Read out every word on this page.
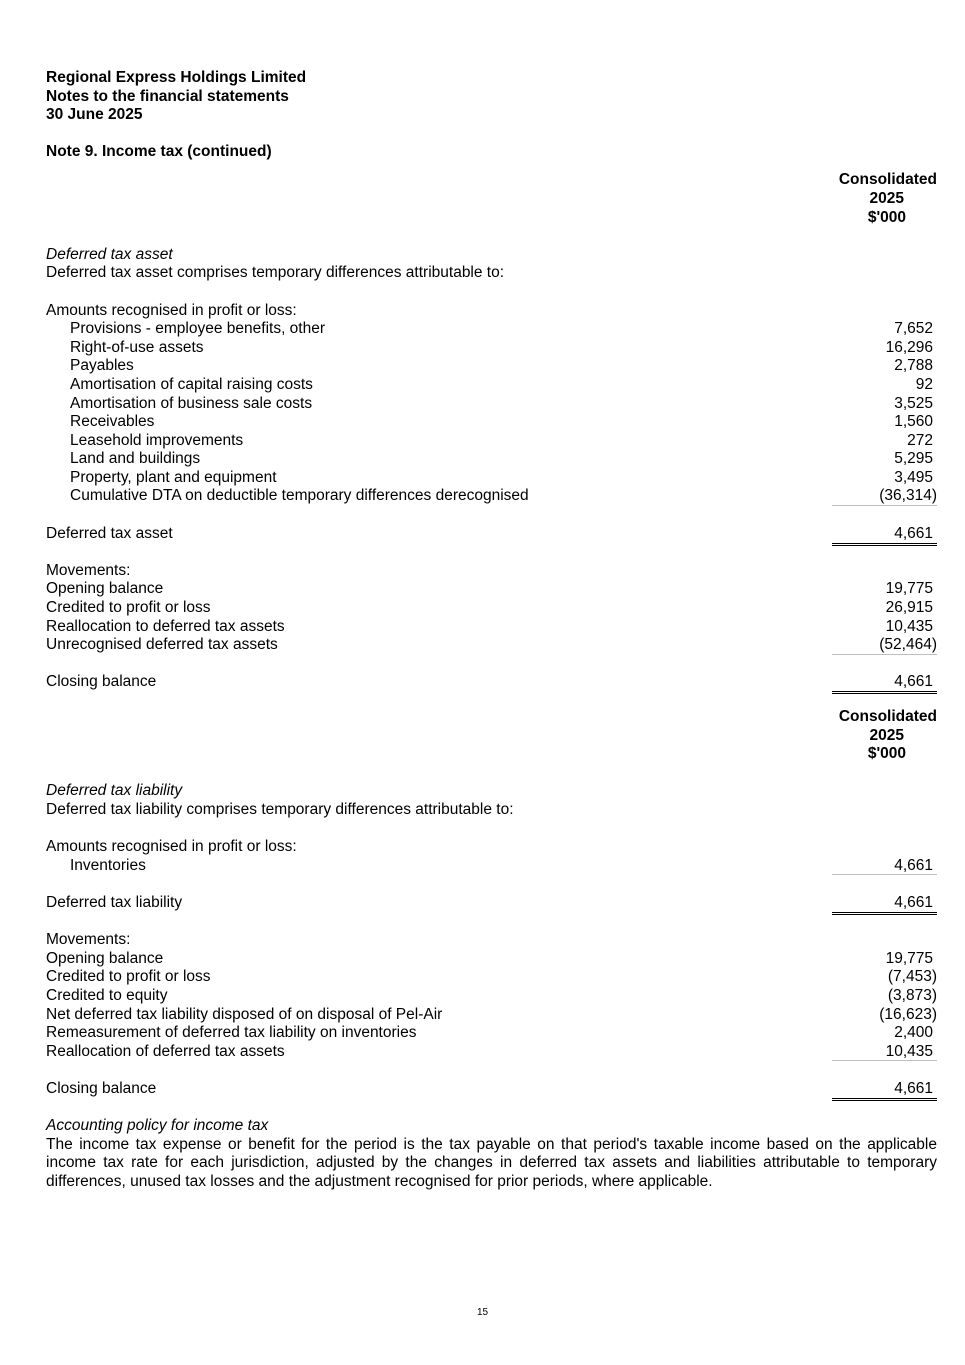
Regional Express Holdings Limited
Notes to the financial statements
30 June 2025
Note 9. Income tax (continued)
Consolidated
2025
$'000
Deferred tax asset
Deferred tax asset comprises temporary differences attributable to:
Amounts recognised in profit or loss:
Provisions - employee benefits, other	7,652
Right-of-use assets	16,296
Payables	2,788
Amortisation of capital raising costs	92
Amortisation of business sale costs	3,525
Receivables	1,560
Leasehold improvements	272
Land and buildings	5,295
Property, plant and equipment	3,495
Cumulative DTA on deductible temporary differences derecognised	(36,314)
Deferred tax asset	4,661
Movements:
Opening balance	19,775
Credited to profit or loss	26,915
Reallocation to deferred tax assets	10,435
Unrecognised deferred tax assets	(52,464)
Closing balance	4,661
Consolidated
2025
$'000
Deferred tax liability
Deferred tax liability comprises temporary differences attributable to:
Amounts recognised in profit or loss:
Inventories	4,661
Deferred tax liability	4,661
Movements:
Opening balance	19,775
Credited to profit or loss	(7,453)
Credited to equity	(3,873)
Net deferred tax liability disposed of on disposal of Pel-Air	(16,623)
Remeasurement of deferred tax liability on inventories	2,400
Reallocation of deferred tax assets	10,435
Closing balance	4,661
Accounting policy for income tax
The income tax expense or benefit for the period is the tax payable on that period's taxable income based on the applicable income tax rate for each jurisdiction, adjusted by the changes in deferred tax assets and liabilities attributable to temporary differences, unused tax losses and the adjustment recognised for prior periods, where applicable.
15
